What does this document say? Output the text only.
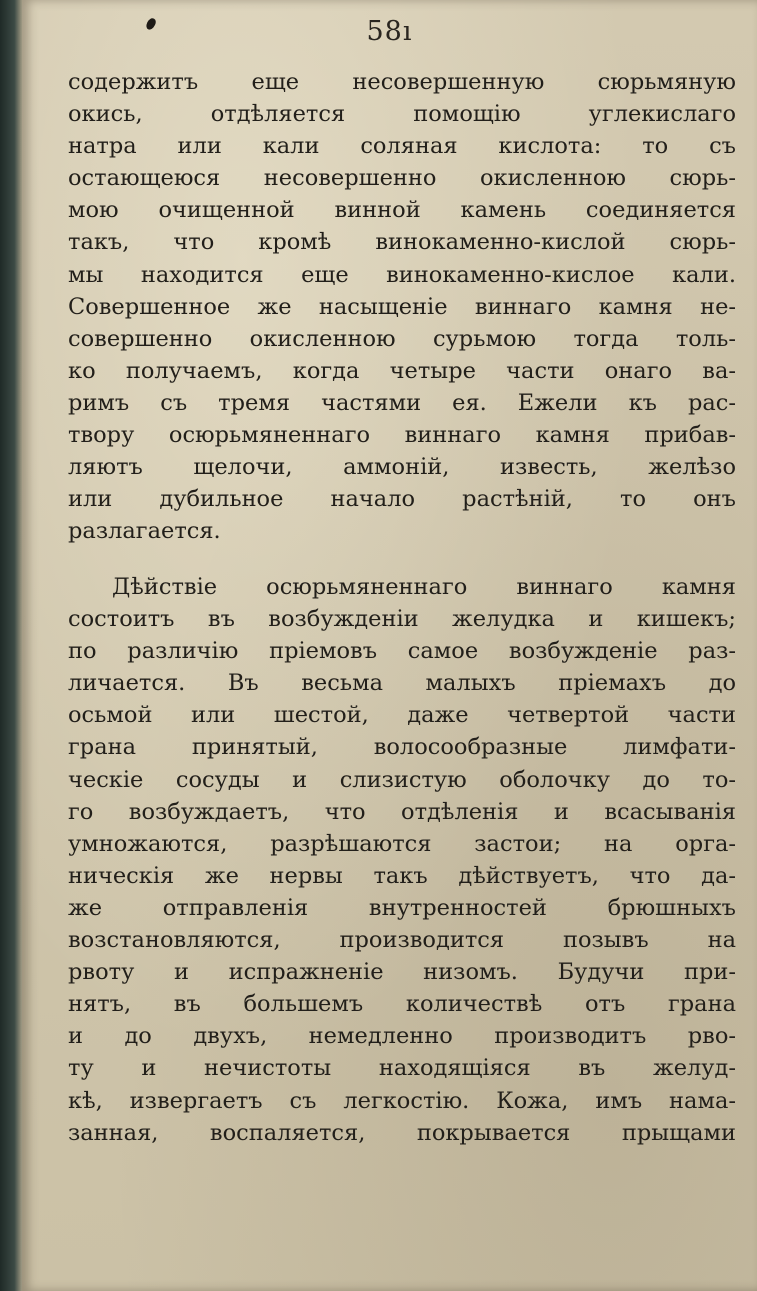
58ı
содержитъ еще несовершенную сюрьмяную
окись, отдѣляется помощiю углекислаго
натра или кали соляная кислота: то съ
остающеюся несовершенно окисленною сюрь-
мою очищенной винной камень соединяется
такъ, что кромѣ винокаменно-кислой сюрь-
мы находится еще винокаменно-кислое кали.
Совершенное же насыщенiе виннаго камня не-
совершенно окисленною сурьмою тогда толь-
ко получаемъ, когда четыре части онаго ва-
римъ съ тремя частями ея. Ежели къ рас-
твору осюрьмяненнаго виннаго камня прибав-
ляютъ щелочи, аммонiй, известь, желѣзо
или дубильное начало растѣнiй, то онъ
разлагается.
Дѣйствiе осюрьмяненнаго виннаго камня
состоитъ въ возбужденiи желудка и кишекъ;
по различiю прiемовъ самое возбужденiе раз-
личается. Въ весьма малыхъ прiемахъ до
осьмой или шестой, даже четвертой части
грана принятый, волосообразные лимфати-
ческiе сосуды и слизистую оболочку до то-
го возбуждаетъ, что отдѣленiя и всасыванiя
умножаются, разрѣшаются застои; на орга-
ническiя же нервы такъ дѣйствуетъ, что да-
же отправленiя внутренностей брюшныхъ
возстановляются, производится позывъ на
рвоту и испражненiе низомъ. Будучи при-
нятъ, въ большемъ количествѣ отъ грана
и до двухъ, немедленно производитъ рво-
ту и нечистоты находящiяся въ желуд-
кѣ, извергаетъ съ легкостiю. Кожа, имъ нама-
занная, воспаляется, покрывается прыщами
